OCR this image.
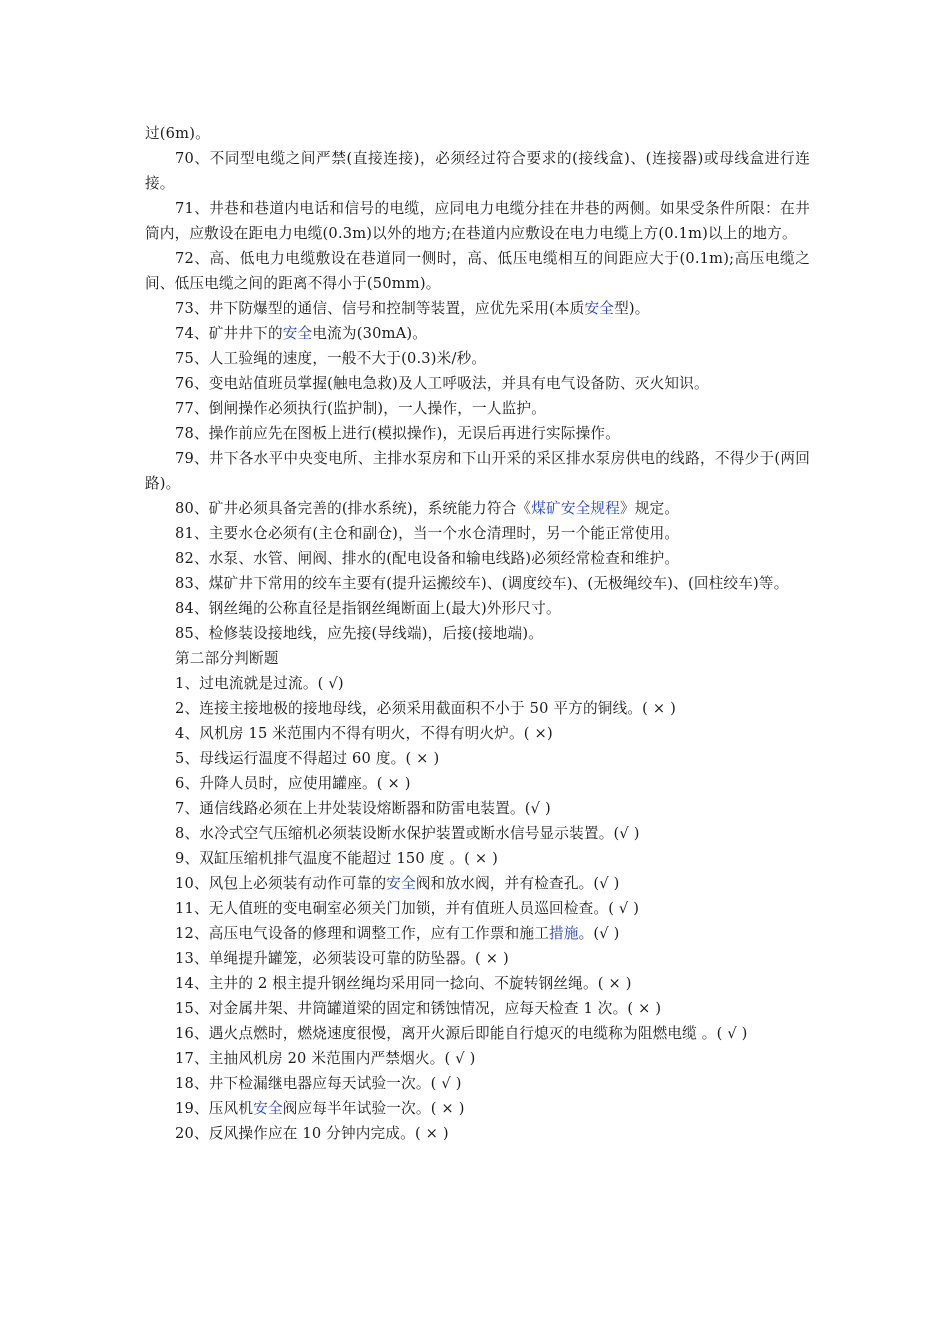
过(6m)。

70、不同型电缆之间严禁(直接连接)，必须经过符合要求的(接线盒)、(连接器)或母线盒进行连接。

71、井巷和巷道内电话和信号的电缆，应同电力电缆分挂在井巷的两侧。如果受条件所限：在井筒内，应敷设在距电力电缆(0.3m)以外的地方;在巷道内应敷设在电力电缆上方(0.1m)以上的地方。

72、高、低电力电缆敷设在巷道同一侧时，高、低压电缆相互的间距应大于(0.1m);高压电缆之间、低压电缆之间的距离不得小于(50mm)。

73、井下防爆型的通信、信号和控制等装置，应优先采用(本质安全型)。

74、矿井井下的安全电流为(30mA)。

75、人工验绳的速度，一般不大于(0.3)米/秒。

76、变电站值班员掌握(触电急救)及人工呼吸法，并具有电气设备防、灭火知识。

77、倒闸操作必须执行(监护制)，一人操作，一人监护。

78、操作前应先在图板上进行(模拟操作)，无误后再进行实际操作。

79、井下各水平中央变电所、主排水泵房和下山开采的采区排水泵房供电的线路，不得少于(两回路)。

80、矿井必须具备完善的(排水系统)，系统能力符合《煤矿安全规程》规定。

81、主要水仓必须有(主仓和副仓)，当一个水仓清理时，另一个能正常使用。

82、水泵、水管、闸阀、排水的(配电设备和输电线路)必须经常检查和维护。

83、煤矿井下常用的绞车主要有(提升运搬绞车)、(调度绞车)、(无极绳绞车)、(回柱绞车)等。

84、钢丝绳的公称直径是指钢丝绳断面上(最大)外形尺寸。

85、检修装设接地线，应先接(导线端)，后接(接地端)。

第二部分判断题

1、过电流就是过流。( √)

2、连接主接地极的接地母线，必须采用截面积不小于 50 平方的铜线。( × )

4、风机房 15 米范围内不得有明火，不得有明火炉。( ×)

5、母线运行温度不得超过 60 度。( × )

6、升降人员时，应使用罐座。( × )

7、通信线路必须在上井处装设熔断器和防雷电装置。(√ )

8、水冷式空气压缩机必须装设断水保护装置或断水信号显示装置。(√ )

9、双缸压缩机排气温度不能超过 150 度 。( × )

10、风包上必须装有动作可靠的安全阀和放水阀，并有检查孔。(√ )

11、无人值班的变电硐室必须关门加锁，并有值班人员巡回检查。( √ )

12、高压电气设备的修理和调整工作，应有工作票和施工措施。(√ )

13、单绳提升罐笼，必须装设可靠的防坠器。( × )

14、主井的 2 根主提升钢丝绳均采用同一捻向、不旋转钢丝绳。( × )

15、对金属井架、井筒罐道梁的固定和锈蚀情况，应每天检查 1 次。( × )

16、遇火点燃时，燃烧速度很慢，离开火源后即能自行熄灭的电缆称为阻燃电缆 。( √ )

17、主抽风机房 20 米范围内严禁烟火。( √ )

18、井下检漏继电器应每天试验一次。( √ )

19、压风机安全阀应每半年试验一次。( × )

20、反风操作应在 10 分钟内完成。( × )
